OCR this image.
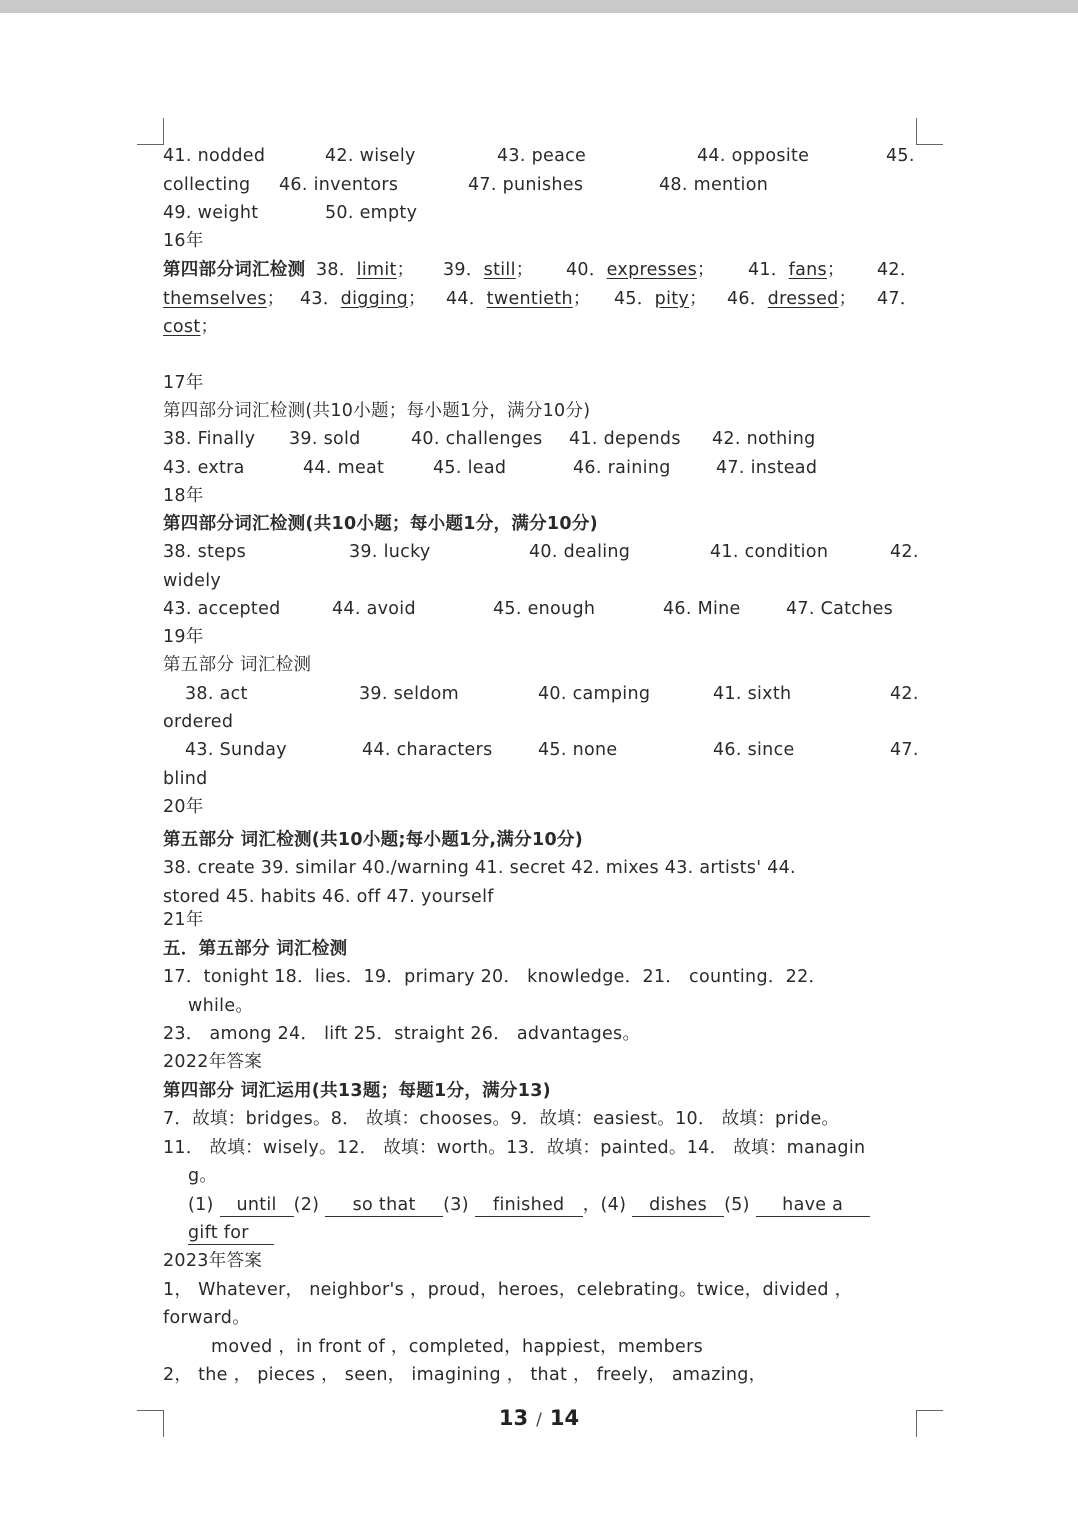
41. nodded	42. wisely	43. peace	44. opposite	45.
collecting 46. inventors	47. punishes	48. mention
49. weight	50. empty
16年
第四部分词汇检测 38．limit； 39．still； 40．expresses； 41．fans； 42．
themselves； 43．digging； 44．twentieth； 45．pity； 46．dressed； 47．
cost；
17年
第四部分词汇检测(共10小题；每小题1分，满分10分)
38. Finally 39. sold	40. challenges 41. depends 42. nothing
43. extra	44. meat	45. lead	46. raining	47. instead
18年
第四部分词汇检测(共10小题；每小题1分，满分10分)
38. steps	39. lucky	40. dealing	41. condition	42.
widely
43. accepted	44. avoid	45. enough	46. Mine	47. Catches
19年
第五部分 词汇检测
38. act	39. seldom	40. camping	41. sixth	42.
ordered
43. Sunday	44. characters	45. none	46. since	47.
blind
20年
第五部分 词汇检测(共10小题;每小题1分,满分10分)
38. create 39. similar 40./warning 41. secret 42. mixes 43. artists' 44.
stored 45. habits 46. off 47. yourself
21年
五．第五部分 词汇检测
17．tonight 18．lies．19．primary 20． knowledge．21． counting．22．
while。
23． among 24． lift 25．straight 26． advantages。
2022年答案
第四部分 词汇运用(共13题；每题1分，满分13)
7．故填：bridges。8． 故填：chooses。9．故填：easiest。10． 故填：pride。
11． 故填：wisely。12． 故填：worth。13．故填：painted。14． 故填：managin
g。
(1) until (2) so that (3) finished ，(4) dishes (5) have a
gift for
2023年答案
1， Whatever， neighbor's ，proud，heroes，celebrating。twice，divided ，
forward。
moved ，in front of ，completed，happiest，members
2， the ， pieces ， seen， imagining ， that ， freely， amazing，
13 / 14
